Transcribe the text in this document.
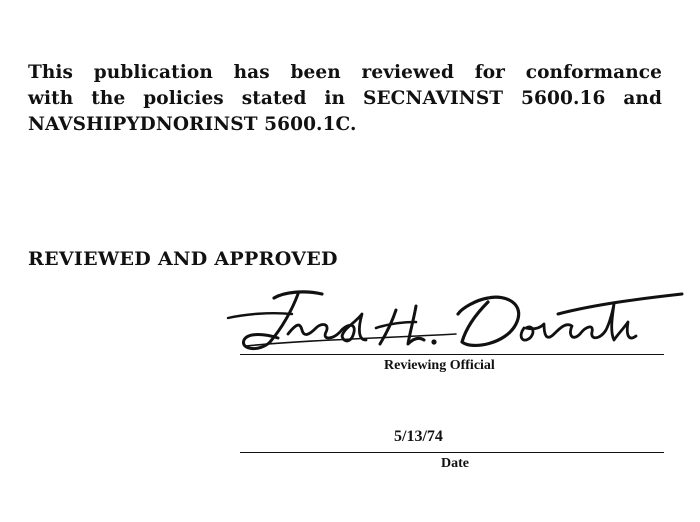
This publication has been reviewed for conformance
with the policies stated in SECNAVINST 5600.16 and
NAVSHIPYDNORINST 5600.1C.
REVIEWED AND APPROVED
Reviewing Official
5/13/74
Date
